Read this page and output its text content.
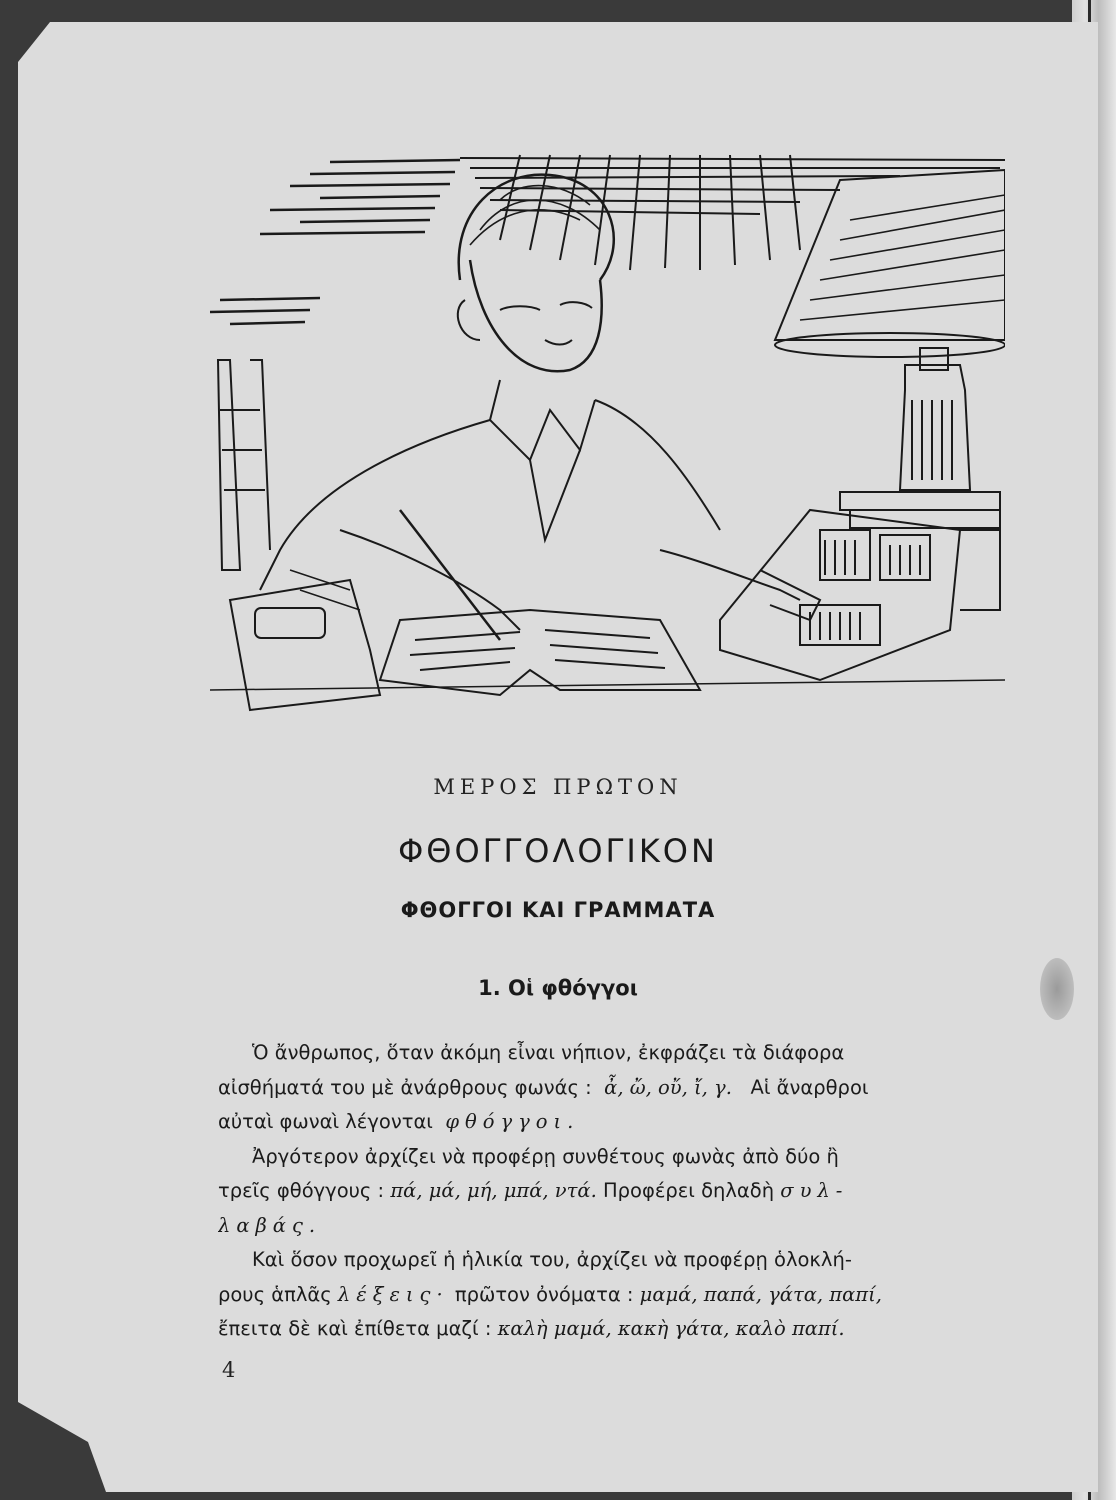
ΜΕΡΟΣ ΠΡΩΤΟΝ
ΦΘΟΓΓΟΛΟΓΙΚΟΝ
ΦΘΟΓΓΟΙ ΚΑΙ ΓΡΑΜΜΑΤΑ
1. Οἱ φθόγγοι

Ὁ ἄνθρωπος, ὅταν ἀκόμη εἶναι νήπιον, ἐκφράζει τὰ διάφορα
αἰσθήματά του μὲ ἀνάρθρους φωνάς : ἆ, ὤ, οὔ, ἴ, γ. Αἱ ἄναρθροι
αὐταὶ φωναὶ λέγονται φθόγγοι.

Ἀργότερον ἀρχίζει νὰ προφέρῃ συνθέτους φωνὰς ἀπὸ δύο ἢ
τρεῖς φθόγγους : πά, μά, μή, μπά, ντά. Προφέρει δηλαδὴ συλ-
λαβάς.

Καὶ ὅσον προχωρεῖ ἡ ἡλικία του, ἀρχίζει νὰ προφέρῃ ὁλοκλή-
ρους ἁπλᾶς λέξεις· πρῶτον ὀνόματα : μαμά, παπά, γάτα, παπί,
ἔπειτα δὲ καὶ ἐπίθετα μαζί : καλὴ μαμά, κακὴ γάτα, καλὸ παπί.

4
